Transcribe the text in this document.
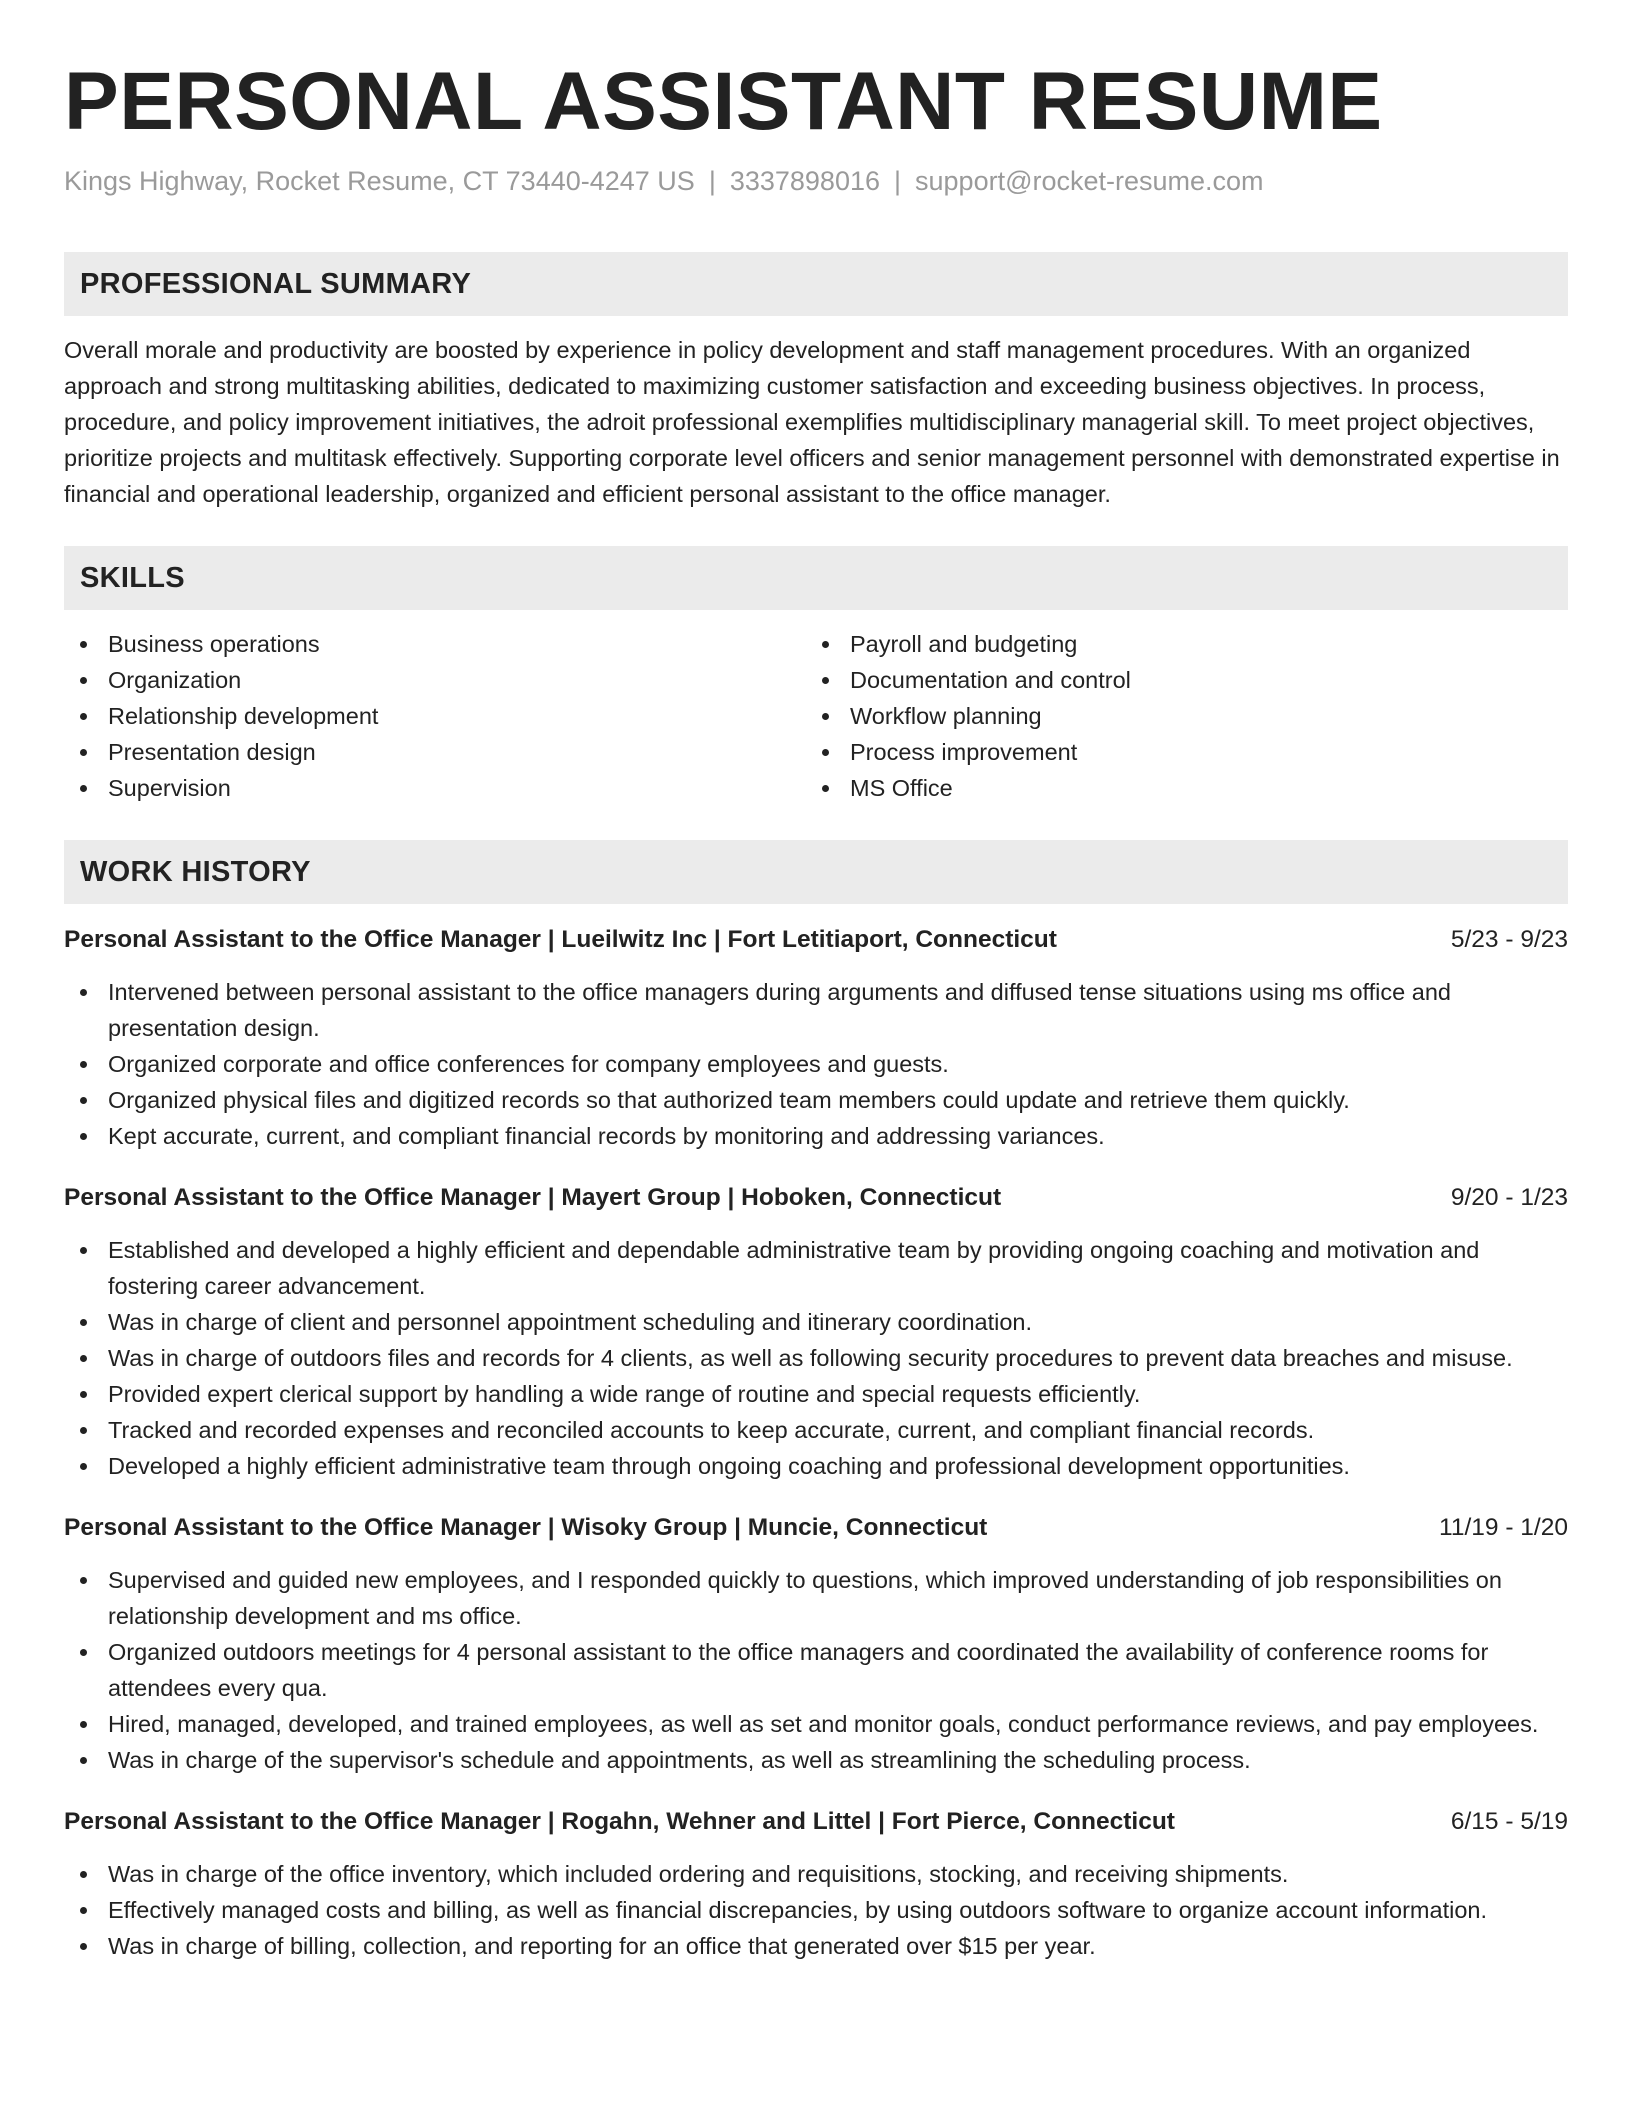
PERSONAL ASSISTANT RESUME
Kings Highway, Rocket Resume, CT 73440-4247 US | 3337898016 | support@rocket-resume.com
PROFESSIONAL SUMMARY
Overall morale and productivity are boosted by experience in policy development and staff management procedures. With an organized approach and strong multitasking abilities, dedicated to maximizing customer satisfaction and exceeding business objectives. In process, procedure, and policy improvement initiatives, the adroit professional exemplifies multidisciplinary managerial skill. To meet project objectives, prioritize projects and multitask effectively. Supporting corporate level officers and senior management personnel with demonstrated expertise in financial and operational leadership, organized and efficient personal assistant to the office manager.
SKILLS
Business operations
Organization
Relationship development
Presentation design
Supervision
Payroll and budgeting
Documentation and control
Workflow planning
Process improvement
MS Office
WORK HISTORY
Personal Assistant to the Office Manager | Lueilwitz Inc | Fort Letitiaport, Connecticut	5/23 - 9/23
Intervened between personal assistant to the office managers during arguments and diffused tense situations using ms office and presentation design.
Organized corporate and office conferences for company employees and guests.
Organized physical files and digitized records so that authorized team members could update and retrieve them quickly.
Kept accurate, current, and compliant financial records by monitoring and addressing variances.
Personal Assistant to the Office Manager | Mayert Group | Hoboken, Connecticut	9/20 - 1/23
Established and developed a highly efficient and dependable administrative team by providing ongoing coaching and motivation and fostering career advancement.
Was in charge of client and personnel appointment scheduling and itinerary coordination.
Was in charge of outdoors files and records for 4 clients, as well as following security procedures to prevent data breaches and misuse.
Provided expert clerical support by handling a wide range of routine and special requests efficiently.
Tracked and recorded expenses and reconciled accounts to keep accurate, current, and compliant financial records.
Developed a highly efficient administrative team through ongoing coaching and professional development opportunities.
Personal Assistant to the Office Manager | Wisoky Group | Muncie, Connecticut	11/19 - 1/20
Supervised and guided new employees, and I responded quickly to questions, which improved understanding of job responsibilities on relationship development and ms office.
Organized outdoors meetings for 4 personal assistant to the office managers and coordinated the availability of conference rooms for attendees every qua.
Hired, managed, developed, and trained employees, as well as set and monitor goals, conduct performance reviews, and pay employees.
Was in charge of the supervisor's schedule and appointments, as well as streamlining the scheduling process.
Personal Assistant to the Office Manager | Rogahn, Wehner and Littel | Fort Pierce, Connecticut	6/15 - 5/19
Was in charge of the office inventory, which included ordering and requisitions, stocking, and receiving shipments.
Effectively managed costs and billing, as well as financial discrepancies, by using outdoors software to organize account information.
Was in charge of billing, collection, and reporting for an office that generated over $15 per year.
